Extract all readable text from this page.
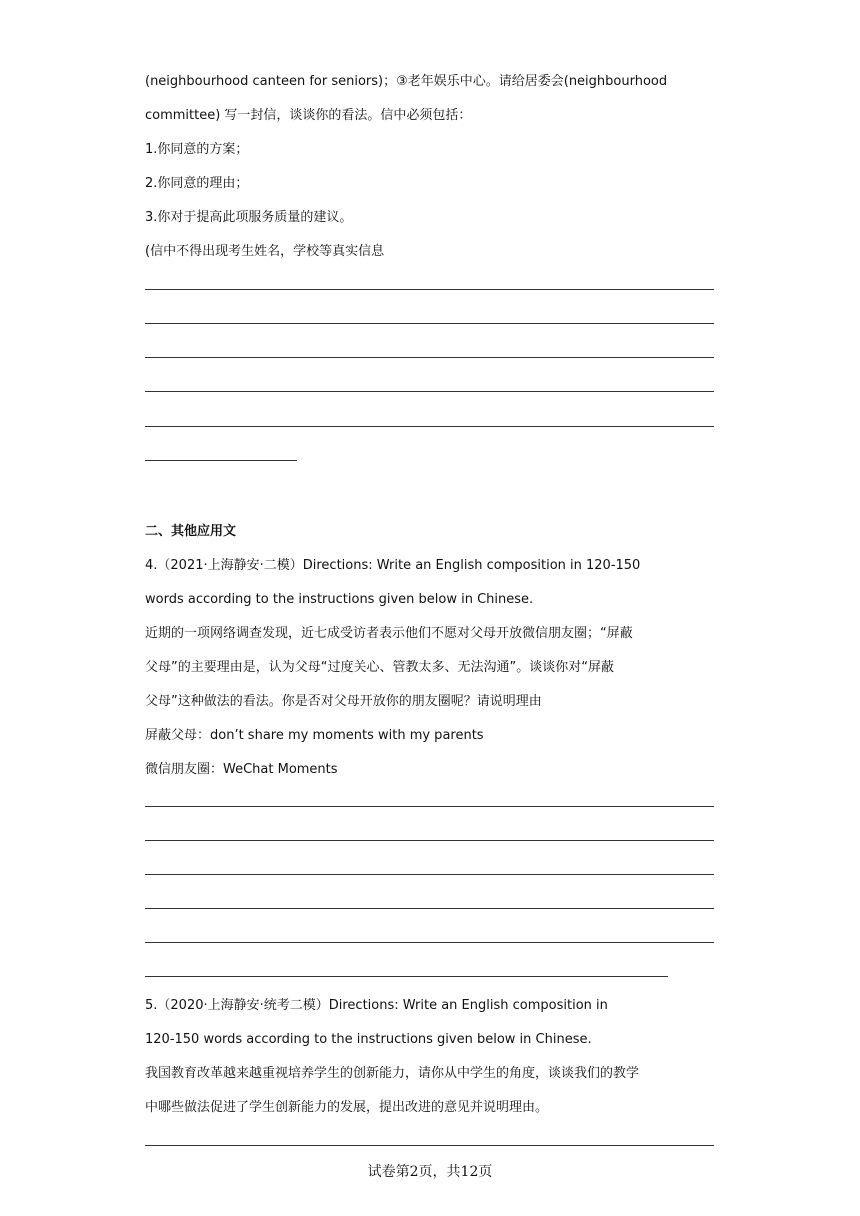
(neighbourhood canteen for seniors)；③老年娱乐中心。请给居委会(neighbourhood
committee) 写一封信，谈谈你的看法。信中必须包括：
1.你同意的方案；
2.你同意的理由；
3.你对于提高此项服务质量的建议。
(信中不得出现考生姓名，学校等真实信息
二、其他应用文
4.（2021·上海静安·二模）Directions: Write an English composition in 120-150
words according to the instructions given below in Chinese.
近期的一项网络调查发现，近七成受访者表示他们不愿对父母开放微信朋友圈；“屏蔽
父母”的主要理由是，认为父母“过度关心、管教太多、无法沟通”。谈谈你对“屏蔽
父母”这种做法的看法。你是否对父母开放你的朋友圈呢？请说明理由
屏蔽父母：don’t share my moments with my parents
微信朋友圈：WeChat Moments
5.（2020·上海静安·统考二模）Directions: Write an English composition in
120-150 words according to the instructions given below in Chinese.
我国教育改革越来越重视培养学生的创新能力，请你从中学生的角度，谈谈我们的教学
中哪些做法促进了学生创新能力的发展，提出改进的意见并说明理由。
试卷第2页，共12页
